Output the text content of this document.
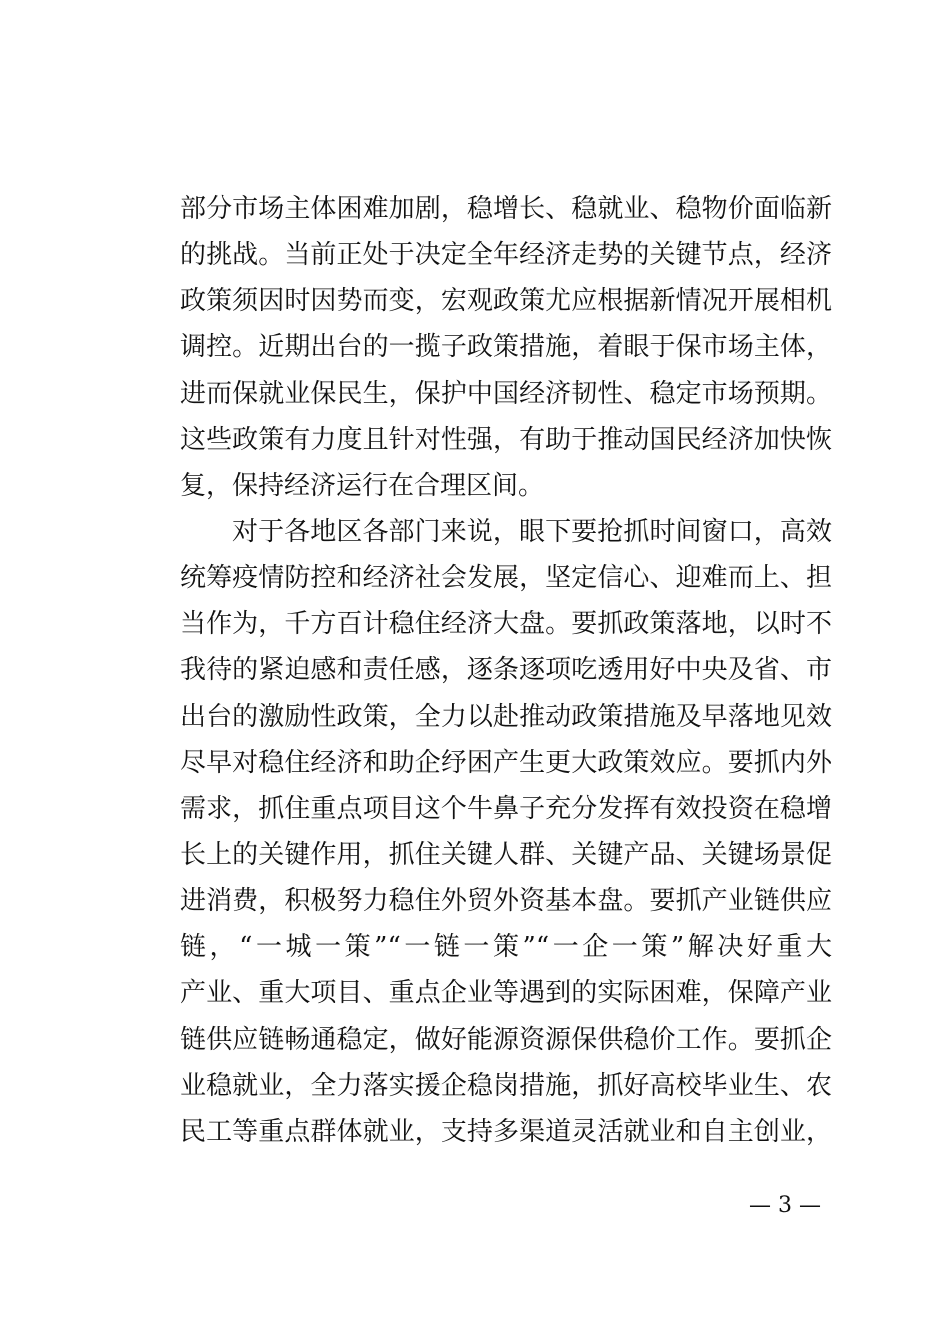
部分市场主体困难加剧，稳增长、稳就业、稳物价面临新
的挑战。当前正处于决定全年经济走势的关键节点，经济
政策须因时因势而变，宏观政策尤应根据新情况开展相机
调控。近期出台的一揽子政策措施，着眼于保市场主体，
进而保就业保民生，保护中国经济韧性、稳定市场预期。
这些政策有力度且针对性强，有助于推动国民经济加快恢
复，保持经济运行在合理区间。
对于各地区各部门来说，眼下要抢抓时间窗口，高效
统筹疫情防控和经济社会发展，坚定信心、迎难而上、担
当作为，千方百计稳住经济大盘。要抓政策落地，以时不
我待的紧迫感和责任感，逐条逐项吃透用好中央及省、市
出台的激励性政策，全力以赴推动政策措施及早落地见效
尽早对稳住经济和助企纾困产生更大政策效应。要抓内外
需求，抓住重点项目这个牛鼻子充分发挥有效投资在稳增
长上的关键作用，抓住关键人群、关键产品、关键场景促
进消费，积极努力稳住外贸外资基本盘。要抓产业链供应
链，“一城一策”“一链一策”“一企一策”解决好重大
产业、重大项目、重点企业等遇到的实际困难，保障产业
链供应链畅通稳定，做好能源资源保供稳价工作。要抓企
业稳就业，全力落实援企稳岗措施，抓好高校毕业生、农
民工等重点群体就业，支持多渠道灵活就业和自主创业，
— 3 —
